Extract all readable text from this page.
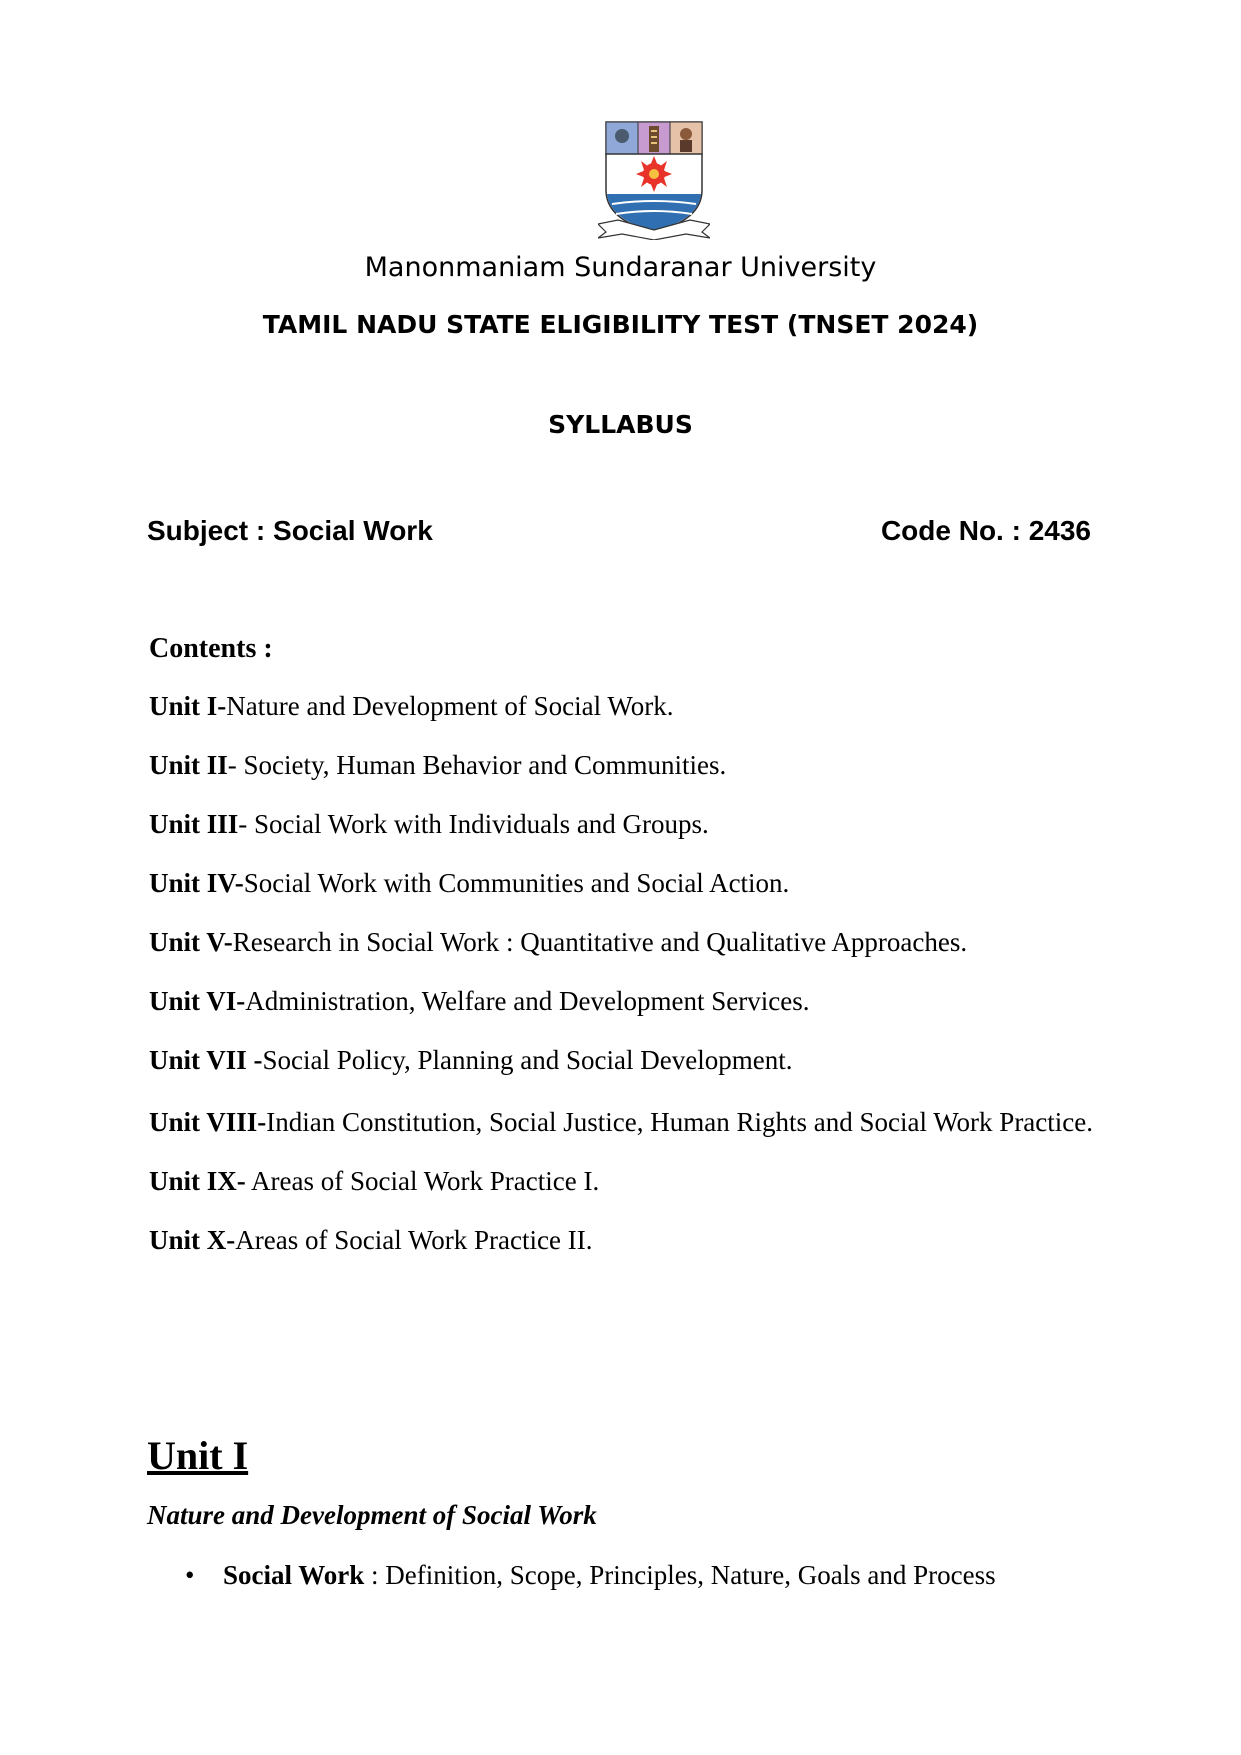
Manonmaniam Sundaranar University
TAMIL NADU STATE ELIGIBILITY TEST (TNSET 2024)
SYLLABUS
Subject : Social Work	Code No. : 2436
Contents :
Unit I-Nature and Development of Social Work.
Unit II- Society, Human Behavior and Communities.
Unit III- Social Work with Individuals and Groups.
Unit IV-Social Work with Communities and Social Action.
Unit V-Research in Social Work : Quantitative and Qualitative Approaches.
Unit VI-Administration, Welfare and Development Services.
Unit VII -Social Policy, Planning and Social Development.
Unit VIII-Indian Constitution, Social Justice, Human Rights and Social Work Practice.
Unit IX- Areas of Social Work Practice I.
Unit X-Areas of Social Work Practice II.
Unit I
Nature and Development of Social Work
• Social Work : Definition, Scope, Principles, Nature, Goals and Process
